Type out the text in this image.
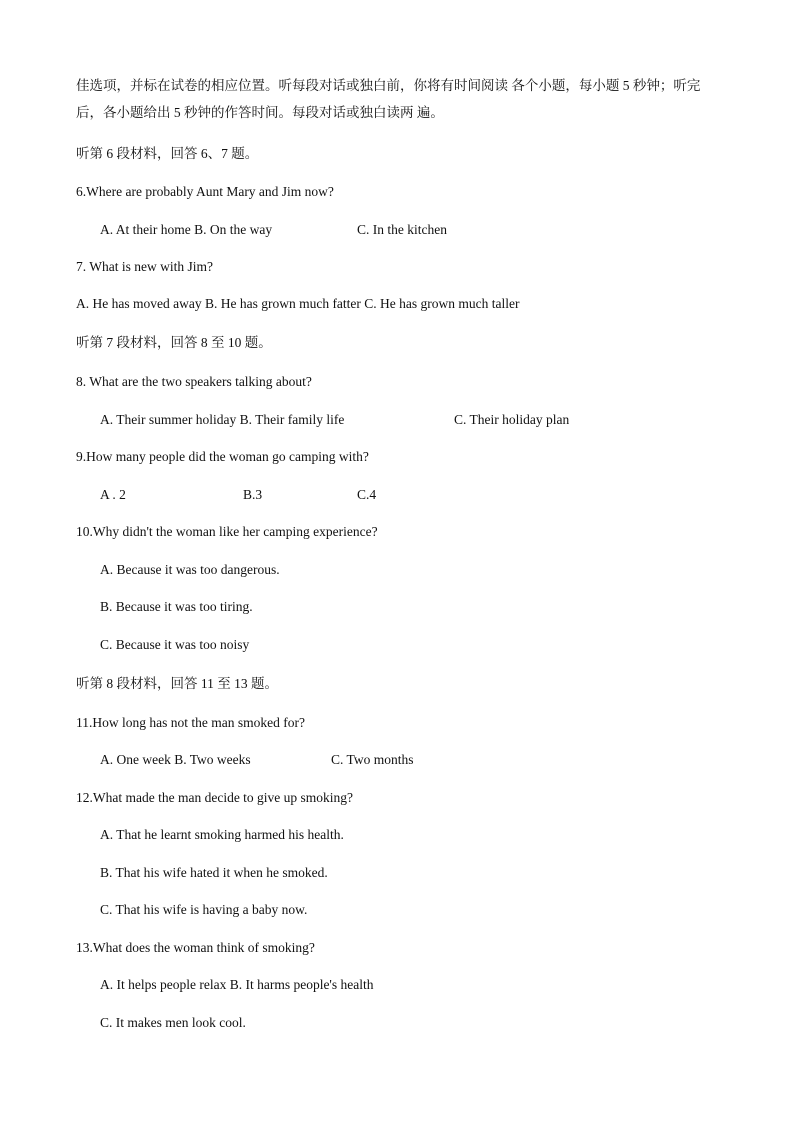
佳选项，并标在试卷的相应位置。听每段对话或独白前，你将有时间阅读 各个小题，每小题 5 秒钟；听完后，各小题给出 5 秒钟的作答时间。每段对话或独白读两 遍。
听第 6 段材料，回答 6、7 题。
6.Where are probably Aunt Mary and Jim now?
A. At their home B. On the way	C. In the kitchen
7. What is new with Jim?
A. He has moved away B. He has grown much fatter C. He has grown much taller
听第 7 段材料，回答 8 至 10 题。
8. What are the two speakers talking about?
A. Their summer holiday B. Their family life	C. Their holiday plan
9.How many people did the woman go camping with?
A . 2	B.3	C.4
10.Why didn't the woman like her camping experience?
A. Because it was too dangerous.
B. Because it was too tiring.
C. Because it was too noisy
听第 8 段材料，回答 11 至 13 题。
11.How long has not the man smoked for?
A. One week B. Two weeks	C. Two months
12.What made the man decide to give up smoking?
A. That he learnt smoking harmed his health.
B. That his wife hated it when he smoked.
C. That his wife is having a baby now.
13.What does the woman think of smoking?
A. It helps people relax B. It harms people's health
C. It makes men look cool.
